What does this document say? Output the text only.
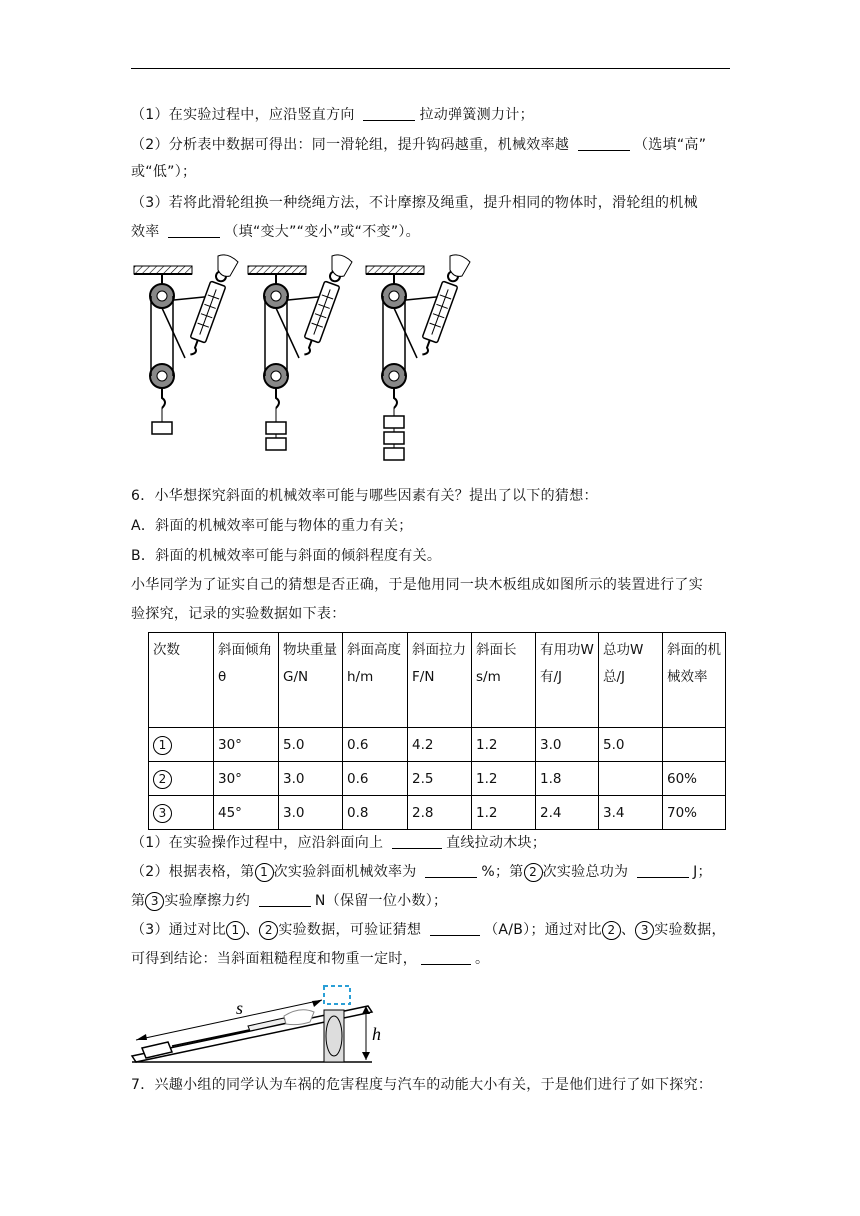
（1）在实验过程中，应沿竖直方向	拉动弹簧测力计；
（2）分析表中数据可得出：同一滑轮组，提升钩码越重，机械效率越	（选填“高”
或“低”）；
（3）若将此滑轮组换一种绕绳方法，不计摩擦及绳重，提升相同的物体时，滑轮组的机械
效率	（填“变大”“变小”或“不变”）。
6．小华想探究斜面的机械效率可能与哪些因素有关？提出了以下的猜想：
A．斜面的机械效率可能与物体的重力有关；
B．斜面的机械效率可能与斜面的倾斜程度有关。
小华同学为了证实自己的猜想是否正确，于是他用同一块木板组成如图所示的装置进行了实
验探究，记录的实验数据如下表：
次数	斜面倾角θ	物块重量G/N	斜面高度h/m	斜面拉力F/N	斜面长s/m	有用功W有/J	总功W总/J	斜面的机械效率
1	30°	5.0	0.6	4.2	1.2	3.0	5.0	
2	30°	3.0	0.6	2.5	1.2	1.8		60%
3	45°	3.0	0.8	2.8	1.2	2.4	3.4	70%
（1）在实验操作过程中，应沿斜面向上	直线拉动木块；
（2）根据表格，第 1 次实验斜面机械效率为	%；第 2 次实验总功为	J；
第 3 实验摩擦力约	N（保留一位小数）；
（3）通过对比 1 、 2 实验数据，可验证猜想	（A/B）；通过对比 2 、 3 实验数据，
可得到结论：当斜面粗糙程度和物重一定时，	。
s
h
7．兴趣小组的同学认为车祸的危害程度与汽车的动能大小有关，于是他们进行了如下探究：
